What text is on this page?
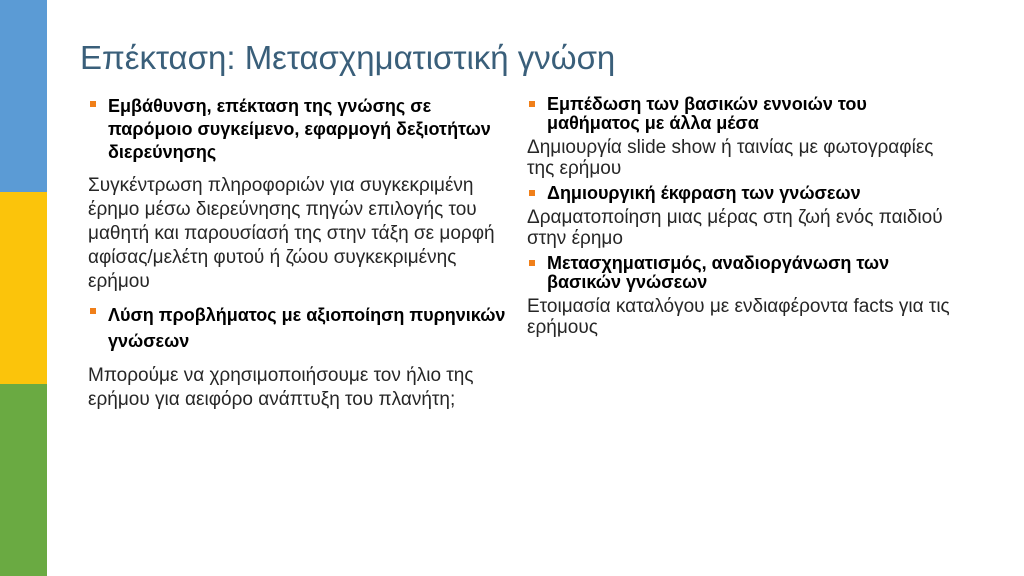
Επέκταση: Μετασχηματιστική γνώση
Εμβάθυνση, επέκταση της γνώσης σε παρόμοιο συγκείμενο, εφαρμογή δεξιοτήτων διερεύνησης

Συγκέντρωση πληροφοριών για συγκεκριμένη έρημο μέσω διερεύνησης πηγών επιλογής του μαθητή και παρουσίασή της στην τάξη σε μορφή αφίσας/μελέτη φυτού ή ζώου συγκεκριμένης ερήμου

Λύση προβλήματος με αξιοποίηση πυρηνικών γνώσεων

Μπορούμε να χρησιμοποιήσουμε τον ήλιο της ερήμου για αειφόρο ανάπτυξη του πλανήτη;

Εμπέδωση των βασικών εννοιών του μαθήματος με άλλα μέσα

Δημιουργία slide show ή ταινίας με φωτογραφίες της ερήμου

Δημιουργική έκφραση των γνώσεων

Δραματοποίηση μιας μέρας στη ζωή ενός παιδιού στην έρημο

Μετασχηματισμός, αναδιοργάνωση των βασικών γνώσεων

Ετοιμασία καταλόγου με ενδιαφέροντα facts για τις ερήμους
